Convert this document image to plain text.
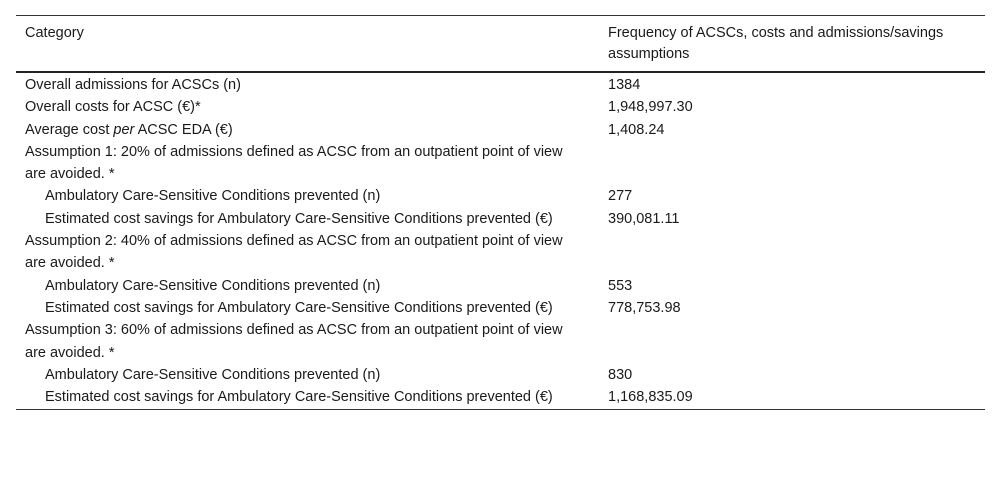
Category	Frequency of ACSCs, costs and admissions/savings assumptions
Overall admissions for ACSCs (n)	1384
Overall costs for ACSC (€)*	1,948,997.30
Average cost per ACSC EDA (€)	1,408.24
Assumption 1: 20% of admissions defined as ACSC from an outpatient point of view are avoided. *
Ambulatory Care-Sensitive Conditions prevented (n)	277
Estimated cost savings for Ambulatory Care-Sensitive Conditions prevented (€)	390,081.11
Assumption 2: 40% of admissions defined as ACSC from an outpatient point of view are avoided. *
Ambulatory Care-Sensitive Conditions prevented (n)	553
Estimated cost savings for Ambulatory Care-Sensitive Conditions prevented (€)	778,753.98
Assumption 3: 60% of admissions defined as ACSC from an outpatient point of view are avoided. *
Ambulatory Care-Sensitive Conditions prevented (n)	830
Estimated cost savings for Ambulatory Care-Sensitive Conditions prevented (€)	1,168,835.09
